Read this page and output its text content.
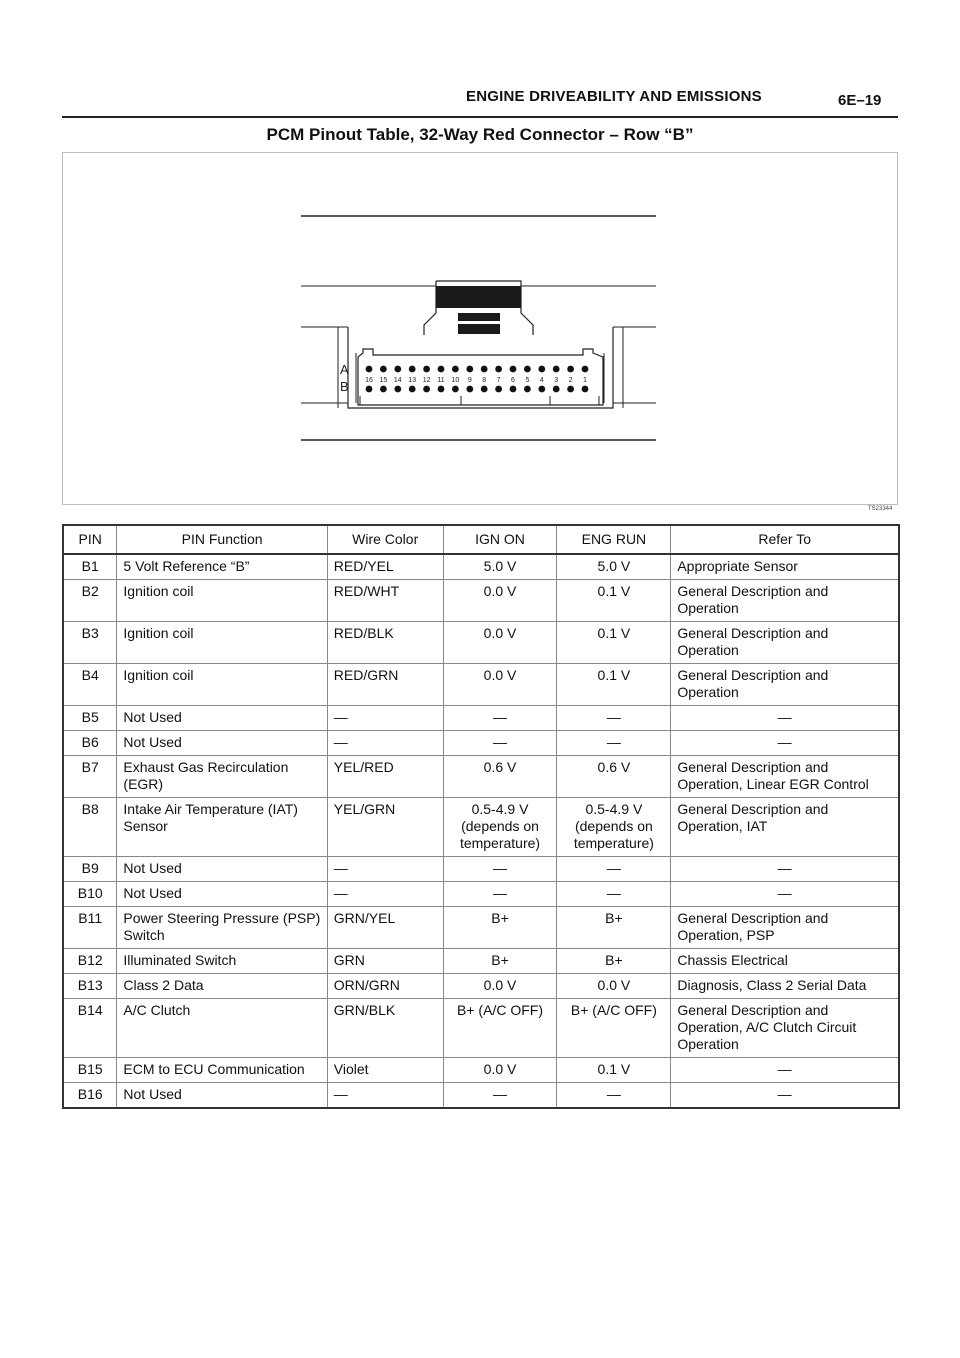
ENGINE DRIVEABILITY AND EMISSIONS	6E–19
PCM Pinout Table, 32-Way Red Connector – Row “B”
16 15 14 13 12 11 10 9 8 7 6 5 4 3 2 1
A
B
TS23344
PIN	PIN Function	Wire Color	IGN ON	ENG RUN	Refer To
B1	5 Volt Reference “B”	RED/YEL	5.0 V	5.0 V	Appropriate Sensor
B2	Ignition coil	RED/WHT	0.0 V	0.1 V	General Description and Operation
B3	Ignition coil	RED/BLK	0.0 V	0.1 V	General Description and Operation
B4	Ignition coil	RED/GRN	0.0 V	0.1 V	General Description and Operation
B5	Not Used	—	—	—	—
B6	Not Used	—	—	—	—
B7	Exhaust Gas Recirculation (EGR)	YEL/RED	0.6 V	0.6 V	General Description and Operation, Linear EGR Control
B8	Intake Air Temperature (IAT) Sensor	YEL/GRN	0.5-4.9 V (depends on temperature)	0.5-4.9 V (depends on temperature)	General Description and Operation, IAT
B9	Not Used	—	—	—	—
B10	Not Used	—	—	—	—
B11	Power Steering Pressure (PSP) Switch	GRN/YEL	B+	B+	General Description and Operation, PSP
B12	Illuminated Switch	GRN	B+	B+	Chassis Electrical
B13	Class 2 Data	ORN/GRN	0.0 V	0.0 V	Diagnosis, Class 2 Serial Data
B14	A/C Clutch	GRN/BLK	B+ (A/C OFF)	B+ (A/C OFF)	General Description and Operation, A/C Clutch Circuit Operation
B15	ECM to ECU Communication	Violet	0.0 V	0.1 V	—
B16	Not Used	—	—	—	—
